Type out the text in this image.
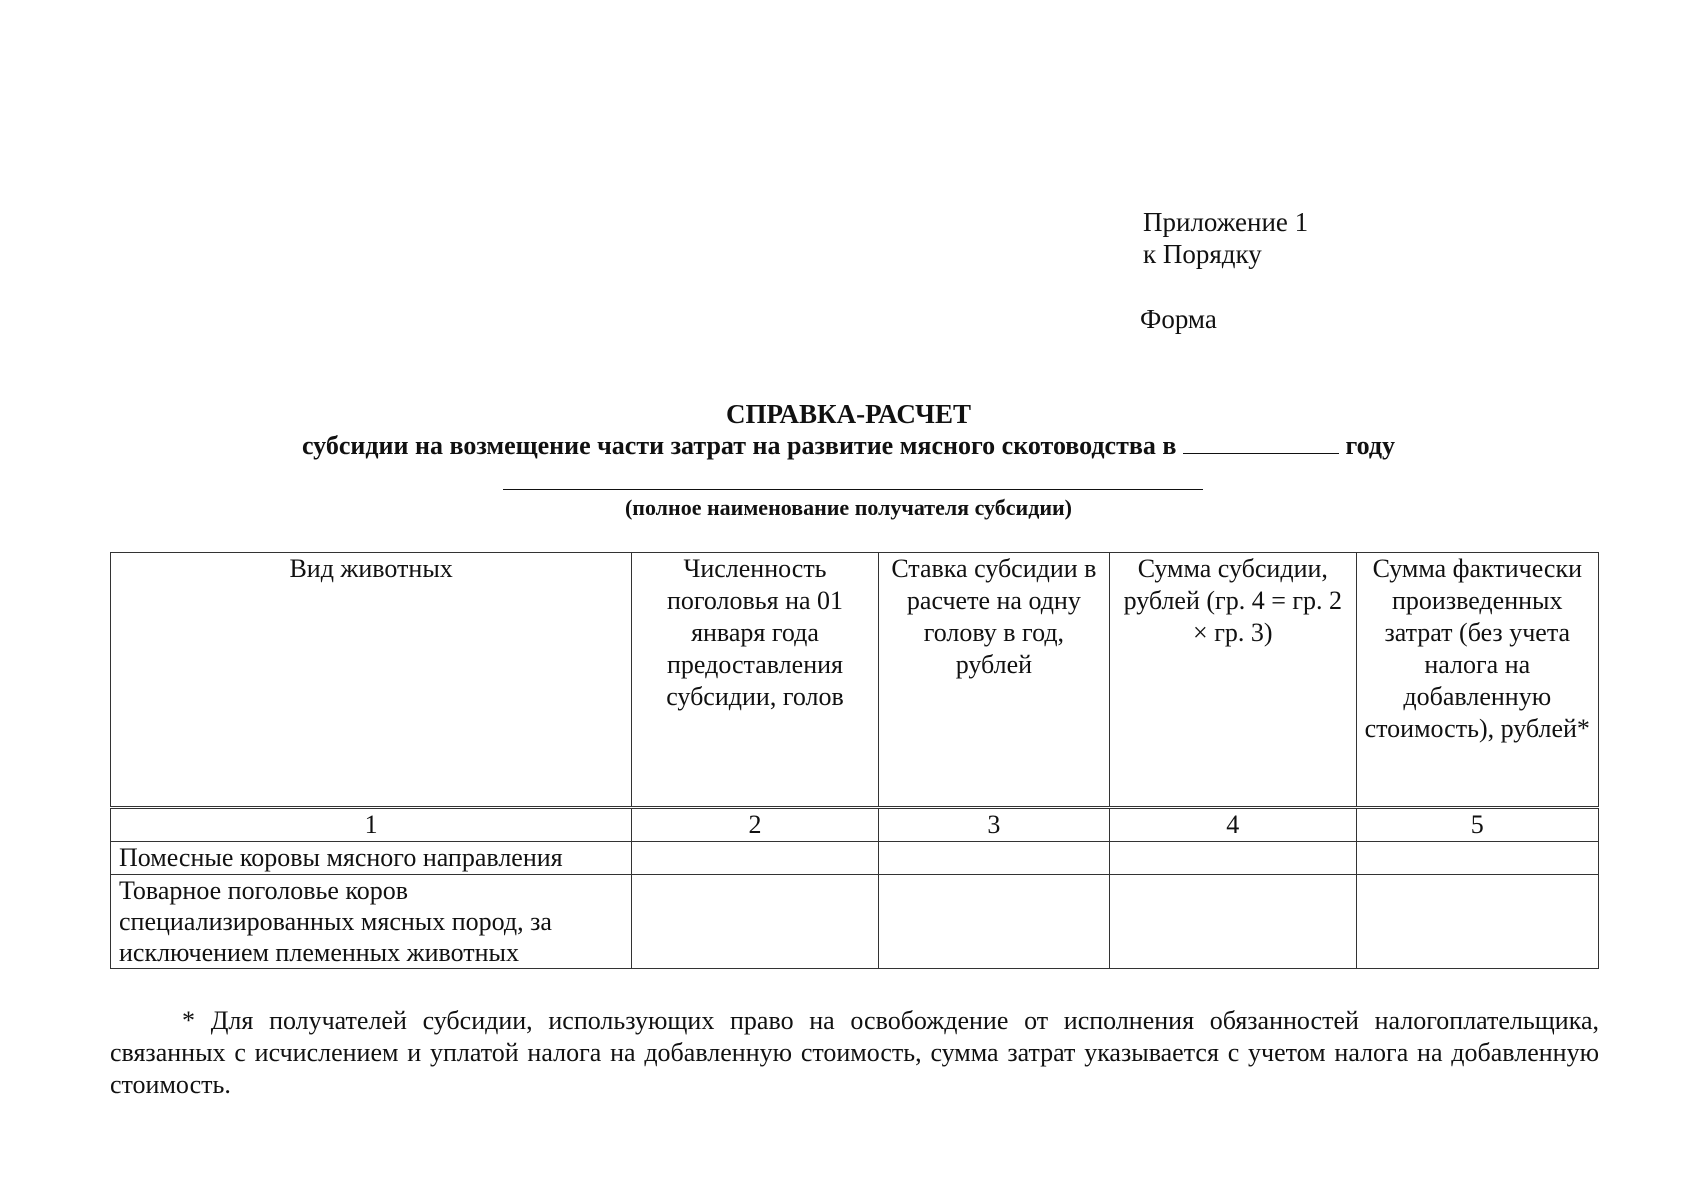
Приложение 1
к Порядку
Форма
СПРАВКА-РАСЧЕТ
субсидии на возмещение части затрат на развитие мясного скотоводства в	году
(полное наименование получателя субсидии)
Вид животных	Численность поголовья на 01 января года предоставления субсидии, голов	Ставка субсидии в расчете на одну голову в год, рублей	Сумма субсидии, рублей (гр. 4 = гр. 2 × гр. 3)	Сумма фактически произведенных затрат (без учета налога на добавленную стоимость), рублей*
1	2	3	4	5
Помесные коровы мясного направления				
Товарное поголовье коров специализированных мясных пород, за исключением племенных животных				
* Для получателей субсидии, использующих право на освобождение от исполнения обязанностей налогоплательщика, связанных с исчислением и уплатой налога на добавленную стоимость, сумма затрат указывается с учетом налога на добавленную стоимость.
